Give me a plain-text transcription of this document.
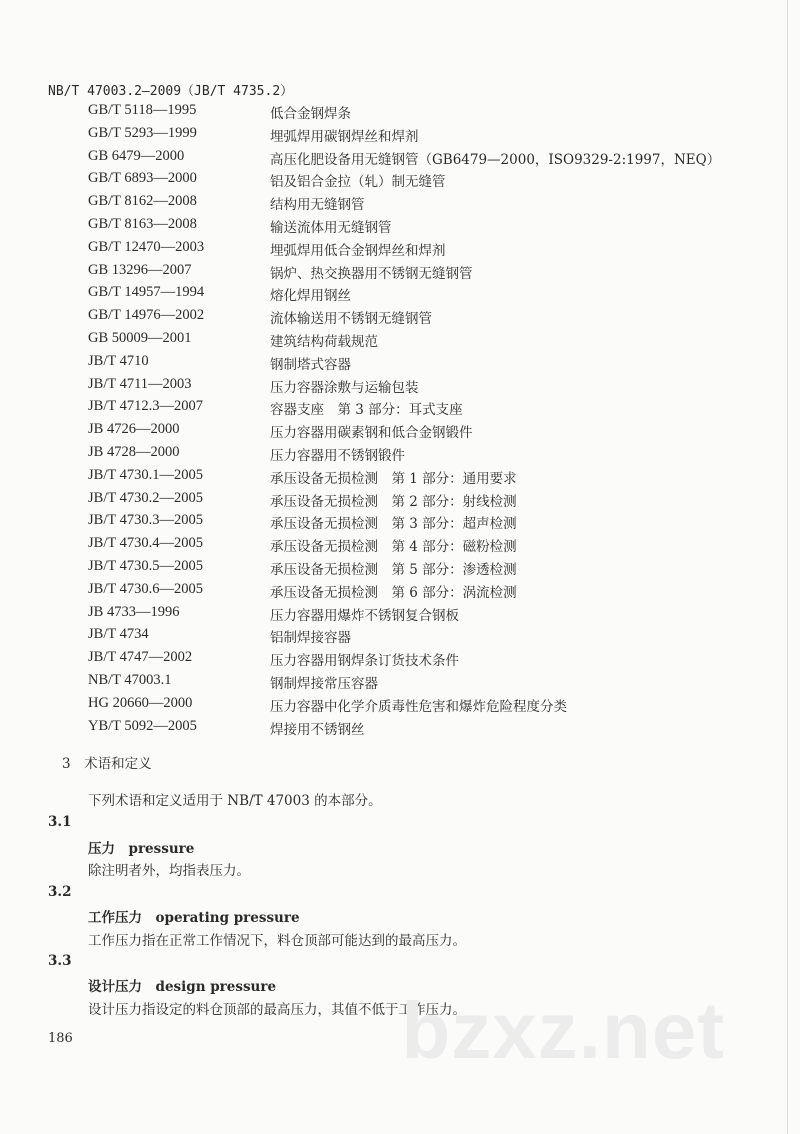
NB/T 47003.2—2009（JB/T 4735.2）
GB/T 5118—1995	低合金钢焊条
GB/T 5293—1999	埋弧焊用碳钢焊丝和焊剂
GB 6479—2000	高压化肥设备用无缝钢管（GB6479—2000，ISO9329-2:1997，NEQ）
GB/T 6893—2000	铝及铝合金拉（轧）制无缝管
GB/T 8162—2008	结构用无缝钢管
GB/T 8163—2008	输送流体用无缝钢管
GB/T 12470—2003	埋弧焊用低合金钢焊丝和焊剂
GB 13296—2007	锅炉、热交换器用不锈钢无缝钢管
GB/T 14957—1994	熔化焊用钢丝
GB/T 14976—2002	流体输送用不锈钢无缝钢管
GB 50009—2001	建筑结构荷载规范
JB/T 4710	钢制塔式容器
JB/T 4711—2003	压力容器涂敷与运输包装
JB/T 4712.3—2007	容器支座　第 3 部分：耳式支座
JB 4726—2000	压力容器用碳素钢和低合金钢锻件
JB 4728—2000	压力容器用不锈钢锻件
JB/T 4730.1—2005	承压设备无损检测　第 1 部分：通用要求
JB/T 4730.2—2005	承压设备无损检测　第 2 部分：射线检测
JB/T 4730.3—2005	承压设备无损检测　第 3 部分：超声检测
JB/T 4730.4—2005	承压设备无损检测　第 4 部分：磁粉检测
JB/T 4730.5—2005	承压设备无损检测　第 5 部分：渗透检测
JB/T 4730.6—2005	承压设备无损检测　第 6 部分：涡流检测
JB 4733—1996	压力容器用爆炸不锈钢复合钢板
JB/T 4734	铝制焊接容器
JB/T 4747—2002	压力容器用钢焊条订货技术条件
NB/T 47003.1	钢制焊接常压容器
HG 20660—2000	压力容器中化学介质毒性危害和爆炸危险程度分类
YB/T 5092—2005	焊接用不锈钢丝
3　术语和定义
下列术语和定义适用于 NB/T 47003 的本部分。
3.1
压力　pressure
除注明者外，均指表压力。
3.2
工作压力　operating pressure
工作压力指在正常工作情况下，料仓顶部可能达到的最高压力。
3.3
设计压力　design pressure
设计压力指设定的料仓顶部的最高压力，其值不低于工作压力。
bzxz.net
186
